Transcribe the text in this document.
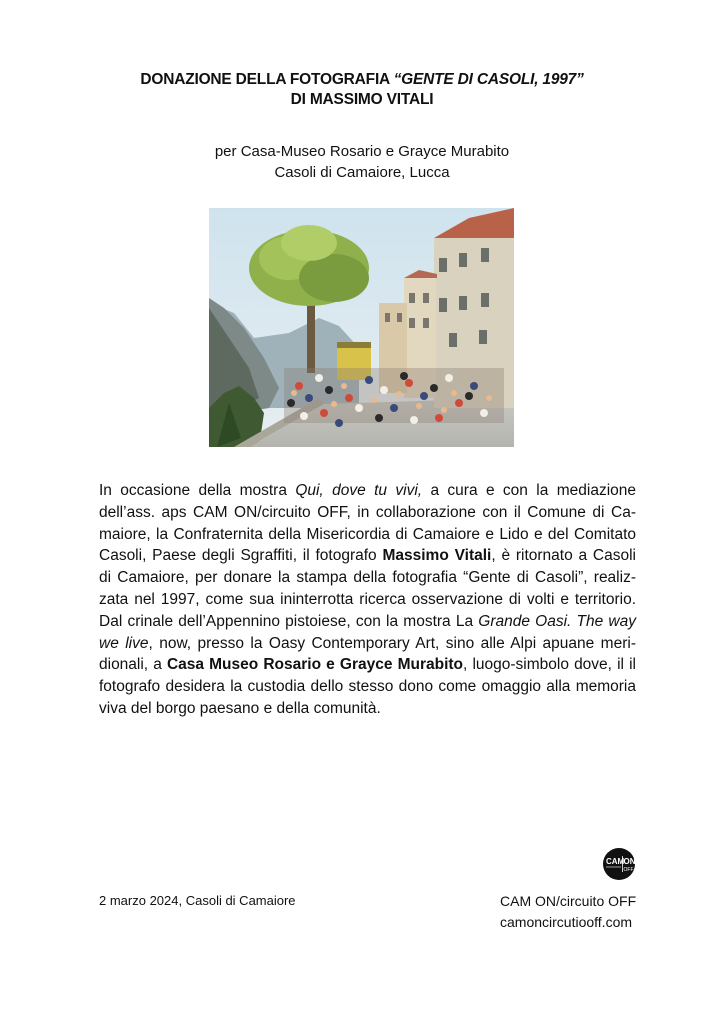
DONAZIONE DELLA FOTOGRAFIA “GENTE DI CASOLI, 1997”
DI MASSIMO VITALI
per Casa-Museo Rosario e Grayce Murabito
Casoli di Camaiore, Lucca
In occasione della mostra Qui, dove tu vivi, a cura e con la mediazione dell’ass. aps CAM ON/circuito OFF, in collaborazione con il Comune di Camaiore, la Confraternita della Misericordia di Camaiore e Lido e del Comitato Casoli, Paese degli Sgraffiti, il fotografo Massimo Vitali, è ritornato a Casoli di Camaiore, per donare la stampa della fotografia “Gente di Casoli”, realizzata nel 1997, come sua ininterrotta ricerca osservazione di volti e territorio. Dal crinale dell’Appennino pistoiese, con la mostra La Grande Oasi. The way we live, now, presso la Oasy Contemporary Art, sino alle Alpi apuane meridionali, a Casa Museo Rosario e Grayce Murabito, luogo-simbolo dove, il il fotografo desidera la custodia dello stesso dono come omaggio alla memoria viva del borgo paesano e della comunità.
CAM ON
OFF
2 marzo 2024, Casoli di Camaiore	CAM ON/circuito OFF
camoncircutiooff.com
